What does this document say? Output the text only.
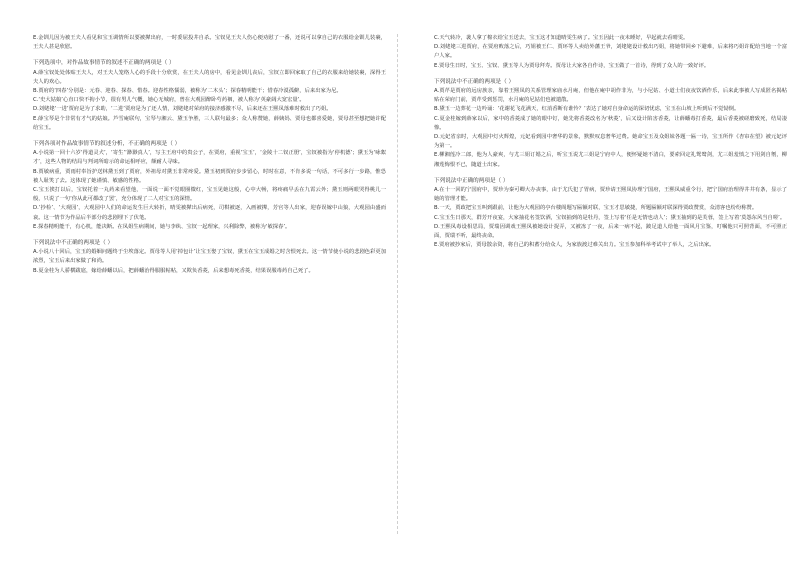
E.金钏儿因为被王夫人看见和宝玉调情所以要被撵出府，一时委屈投井自杀。宝钗见王夫人伤心便劝慰了一番，还说可以拿自己的衣服给金钏儿装裹，王夫人甚是欣慰。

下列选项中，对作品故事情节的叙述不正确的两项是（ ）

A.薛宝钗处处体贴王夫人，对王夫人笼络人心的手段十分欣赏，在王夫人的房中，看见金钏儿丧后，宝钗立即回家取了自己的衣服来给她装裹，深得王夫人的欢心。

B.贾府的‘四春’分别是：元春、迎春、探春、惜春。迎春性格懦弱，被称为‘二木头’；探春精明能干；惜春冷漠孤僻，后来出家为尼。

C.‘史大姑娘’心直口快不拘小节，很有男儿气概，她心无城府，曾在大观园醉卧芍药裀，被人称为‘英豪阔大宽宏量’。

D.刘姥姥‘一进’贾府是为了求助，‘二进’贾府是为了还人情，刘姥姥对荣府的接济感激不尽，后来还在王熙凤落难时救出了巧姐。

E.薛宝琴是个非常有才气的姑娘。芦雪庵联句，宝琴与湘云、黛玉争胜，三人联句最多；众人称赞她，薛姨妈、贾母也都喜爱她，贾母甚至想把她许配给宝玉。

下列各项对作品故事情节的叙述分析，不正确的两项是（ ）

A.小说第一回十六岁‘得道灵犬’，‘寄生’‘渺渺真人’，写主王府中的贵公子，在贾府，重视‘宝玉’，‘金陵十二钗正册’，宝钗被指为‘停机德’；黛玉为‘咏絮才’，这些人物的结局与判词所暗示的命运相呼应，颇耐人寻味。

B.贾敏病重，贾雨村奉旨护送林黛玉到了贾府，外祖母对黛玉非常疼爱。黛玉初到贾府步步留心，时时在意，不肯多说一句话，不可多行一步路，惟恐被人耻笑了去。这体现了她谨慎、敏感的性格。

C.宝玉挨打以后，宝钗托着一丸药来看望他，一面说一面不觉眼圈微红，宝玉见她这般，心中大畅，将疼痛早丢在九霄云外；黛玉则两眼哭得桃儿一般，只说了一句‘你从此可都改了罢’，充分体现了二人对宝玉的深情。

D.‘抄检’、‘大观园’，大观园中人们的命运发生巨大转折，晴雯被撵出后病死，司棋被逐，入画被撵，芳官等人出家，迎春误嫁中山狼，大观园由盛而衰。这一情节为作品后半部分的悲剧埋下了伏笔。

E.探春精明能干，有心机，能决断。在凤姐生病期间，她与李纨、宝钗一起理家，兴利除弊，被称为‘敏探春’。

下列说法中不正确的两项是（ ）

A.小说八十回后，宝玉的婚姻问题终于尘埃落定。贾母等人用‘掉包计’让宝玉娶了宝钗，黛玉在宝玉成婚之时含恨死去。这一情节使小说的悲剧色彩更加浓烈，宝玉后来出家做了和尚。

B.夏金桂为人骄横跋扈，嫁给薛蟠以后，把薛蟠治得服服帖帖，又欺负香菱，后来想毒死香菱，结果误服毒药自己死了。

C.天气转冷，袭人拿了棉衣给宝玉送去，宝玉这才知道晴雯生病了。宝玉因此一夜未睡好，早起就去看晴雯。

D.刘姥姥三进贾府，在贾府败落之后，巧姐被王仁、贾环等人卖给外藩王爷，刘姥姥设计救出巧姐，将她带回乡下避难，后来将巧姐许配给当地一个富户人家。

E.贾母生日时，宝玉、宝钗、黛玉等人为贾母拜寿。贾母让大家各自作诗，宝玉做了一首诗，得到了众人的一致好评。

下列说法中不正确的两项是（ ）

A.贾芹是贾府的远房族亲，靠着王熙凤的关系管理家庙水月庵，但他在庵中胡作非为，与小尼姑、小道士们夜夜饮酒作乐，后来此事被人写成匿名揭帖贴在荣府门前，贾芹受到惩罚，水月庵的尼姑们也被遣散。

B.黛玉一边葬花一边吟诵：‘花谢花飞花满天，红消香断有谁怜？’表达了她对自身命运的深切忧虑，宝玉在山坡上听到后不觉恸倒。

C.夏金桂嫁到薛家以后，家中的香菱成了她的眼中钉，她先将香菱改名为‘秋菱’，后又设计陷害香菱，让薛蟠毒打香菱，最后香菱被磋磨致死，结局凄惨。

D.元妃省亲时，大观园中灯火辉煌，元妃看到园中奢华的景象，默默叹息奢华过费。她命宝玉及众姐妹各题一匾一诗，宝玉所作《杏帘在望》被元妃评为第一。

E.柳湘莲冷二郎，他为人豪爽，与尤三姐订婚之后，听宝玉说尤三姐是宁府中人，便怀疑她不清白，要索回定礼鸳鸯剑，尤三姐羞愤之下用剑自刎，柳湘莲悔恨不已，随道士出家。

下列说法中正确的两项是（ ）

A.在十一回的宁国府中，贾珍为秦可卿大办丧事，由于尤氏犯了胃病，贾珍请王熙凤协理宁国府，王熙凤威重令行，把宁国府治理得井井有条，显示了她的管理才能。

B.一天，贾政把宝玉叫到跟前，让他为大观园的亭台楼阁题写匾额对联，宝玉才思敏捷，所题匾额对联深得贾政赞赏，众清客也纷纷称赞。

C.宝玉生日那天，群芳开夜宴，大家抽花名签饮酒，宝钗抽到的是牡丹，签上写着‘任是无情也动人’；黛玉抽到的是芙蓉，签上写着‘莫怨东风当自嗟’。

D.王熙凤毒设相思局，贾瑞因调戏王熙凤被她设计捉弄，又被冻了一夜，后来一病不起，跛足道人给他一面风月宝鉴，叮嘱他只可照背面，不可照正面，贾瑞不听，最终丧命。

E.贾府被抄家后，贾母散余资，将自己的积蓄分给众人，为家族渡过难关出力。宝玉参加科举考试中了举人，之后出家。
